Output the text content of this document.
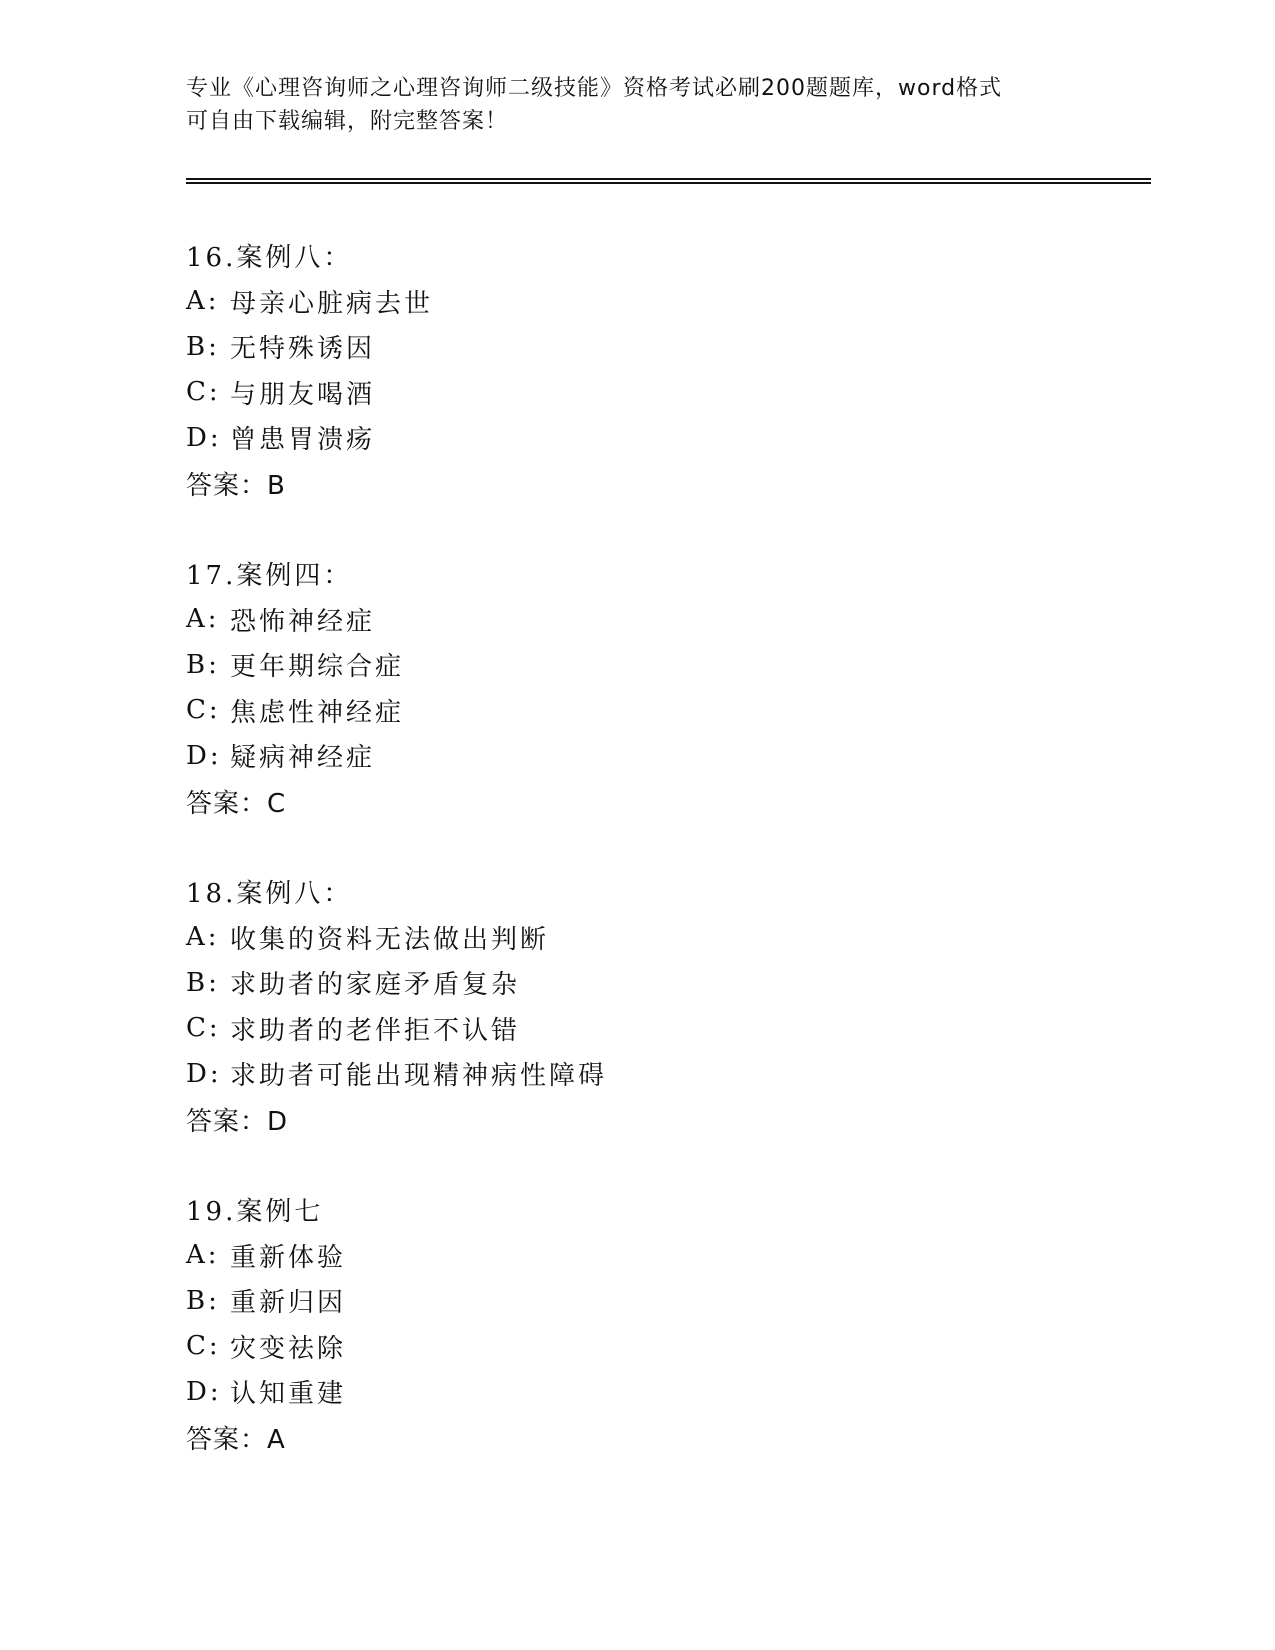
专业《心理咨询师之心理咨询师二级技能》资格考试必刷200题题库，word格式
可自由下载编辑，附完整答案！
16.案例八：
A: 母亲心脏病去世
B: 无特殊诱因
C: 与朋友喝酒
D: 曾患胃溃疡
答案：B
17.案例四：
A: 恐怖神经症
B: 更年期综合症
C: 焦虑性神经症
D: 疑病神经症
答案：C
18.案例八：
A: 收集的资料无法做出判断
B: 求助者的家庭矛盾复杂
C: 求助者的老伴拒不认错
D: 求助者可能出现精神病性障碍
答案：D
19.案例七
A: 重新体验
B: 重新归因
C: 灾变祛除
D: 认知重建
答案：A
